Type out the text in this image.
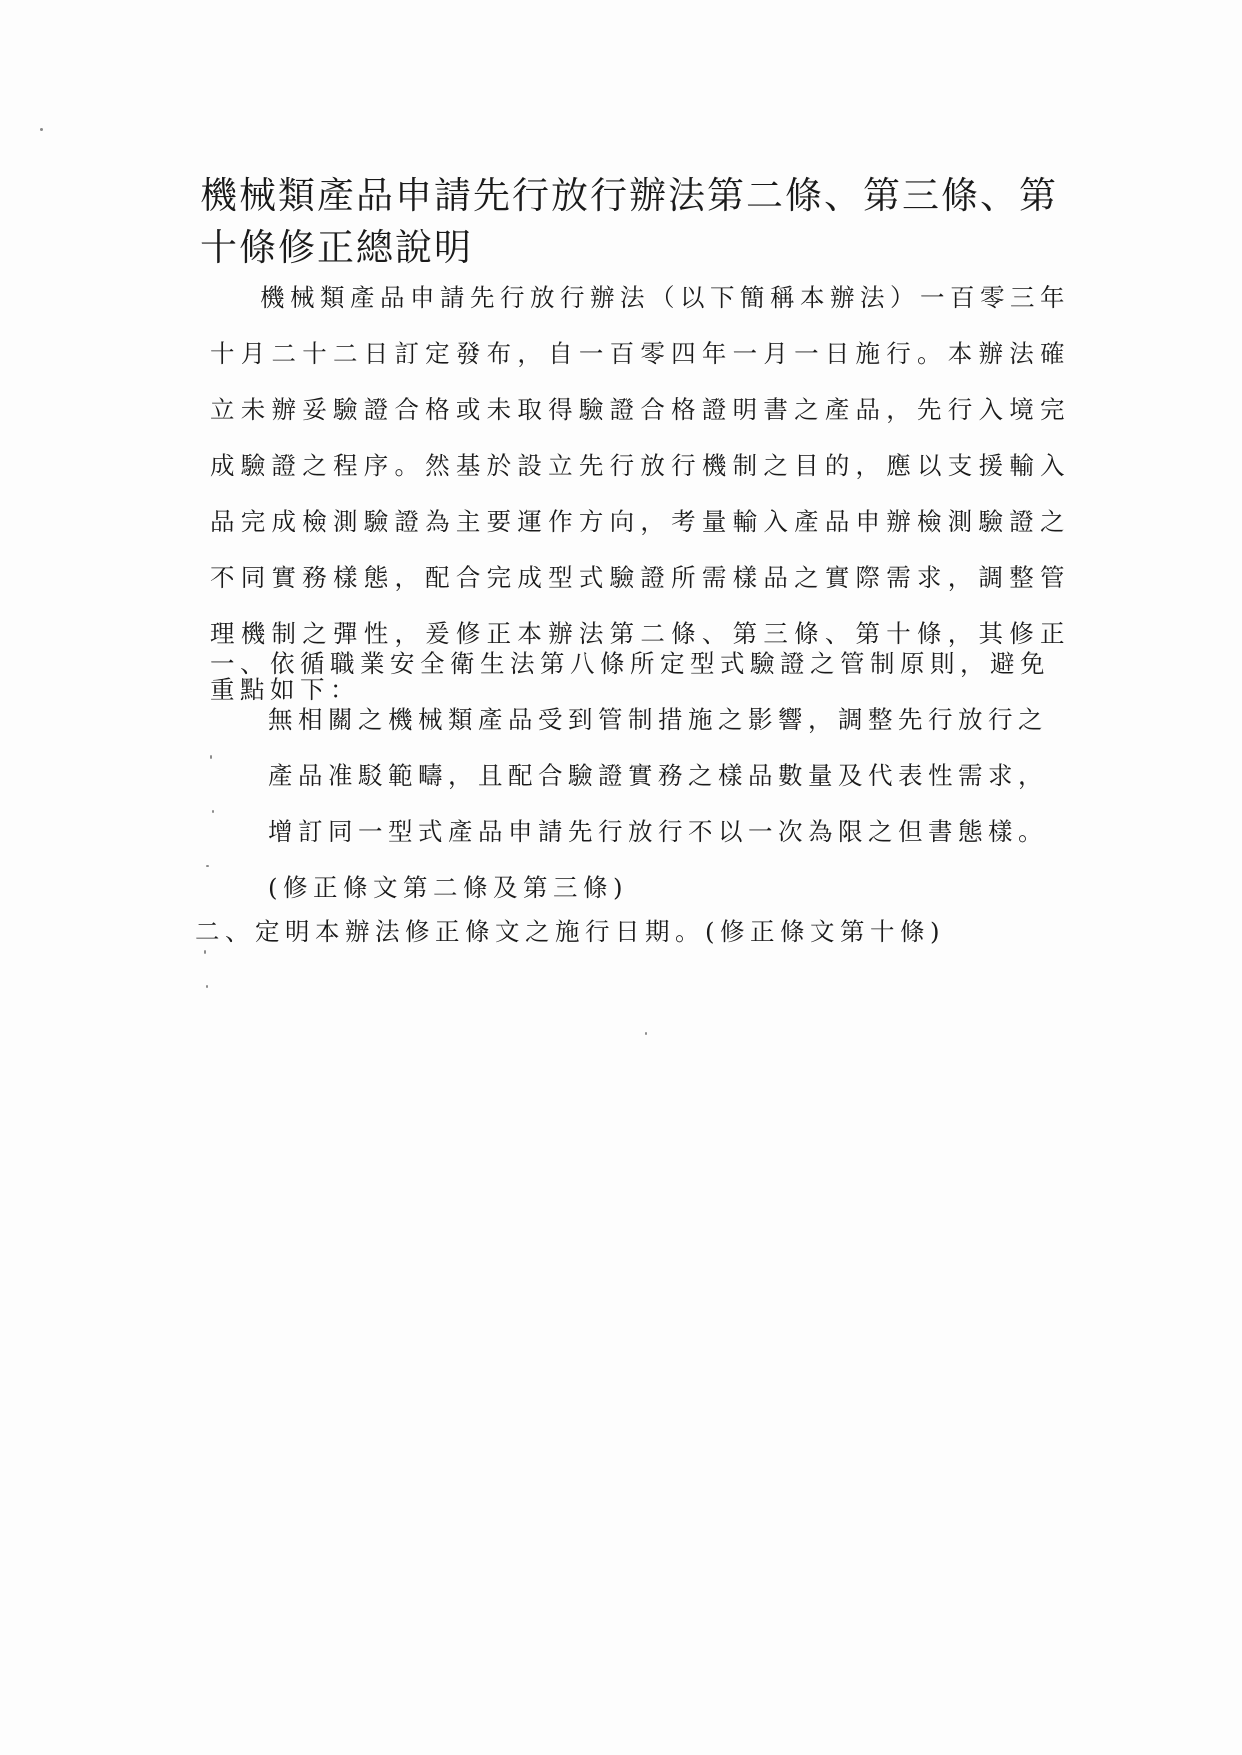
機械類產品申請先行放行辦法第二條、第三條、第十條修正總說明

機械類產品申請先行放行辦法（以下簡稱本辦法）一百零三年十月二十二日訂定發布，自一百零四年一月一日施行。本辦法確立未辦妥驗證合格或未取得驗證合格證明書之產品，先行入境完成驗證之程序。然基於設立先行放行機制之目的，應以支援輸入品完成檢測驗證為主要運作方向，考量輸入產品申辦檢測驗證之不同實務樣態，配合完成型式驗證所需樣品之實際需求，調整管理機制之彈性，爰修正本辦法第二條、第三條、第十條，其修正重點如下：

一、依循職業安全衛生法第八條所定型式驗證之管制原則，避免無相關之機械類產品受到管制措施之影響，調整先行放行之產品准駁範疇，且配合驗證實務之樣品數量及代表性需求，增訂同一型式產品申請先行放行不以一次為限之但書態樣。(修正條文第二條及第三條)

二、定明本辦法修正條文之施行日期。(修正條文第十條)
